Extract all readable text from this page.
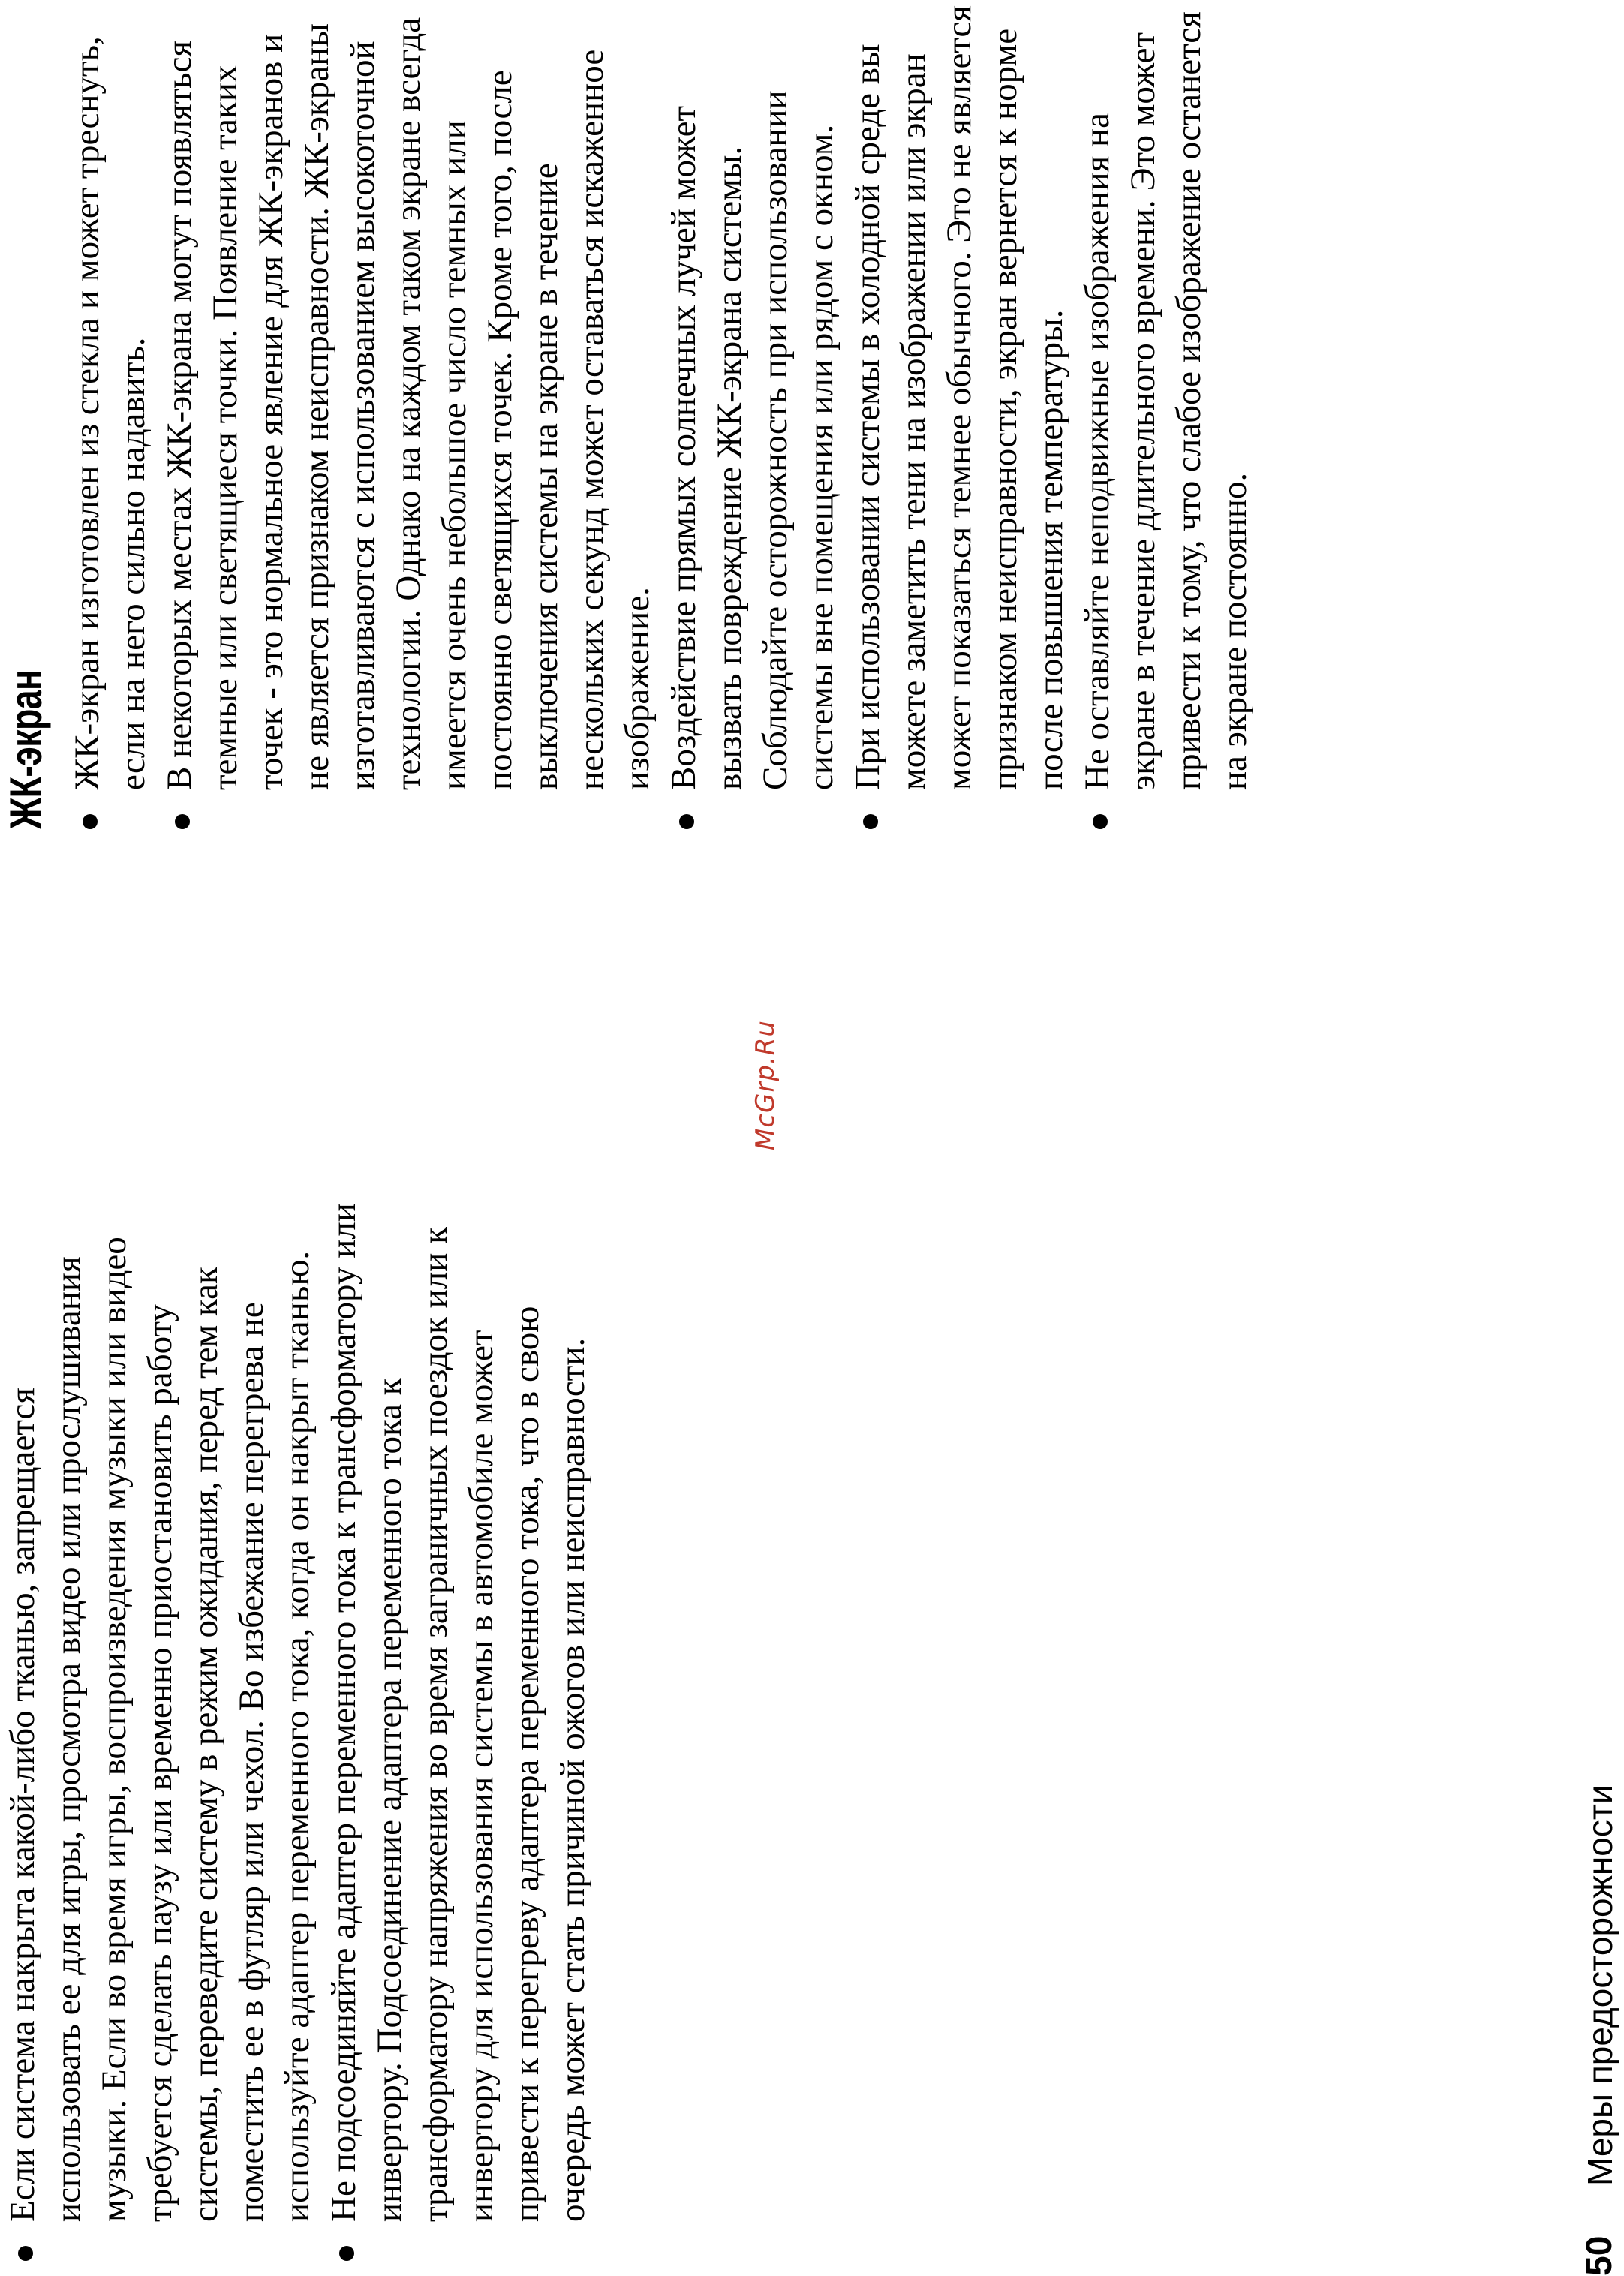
Если система накрыта какой-либо тканью, запрещается использовать ее для игры, просмотра видео или прослушивания музыки. Если во время игры, воспроизведения музыки или видео требуется сделать паузу или временно приостановить работу системы, переведите систему в режим ожидания, перед тем как поместить ее в футляр или чехол. Во избежание перегрева не используйте адаптер переменного тока, когда он накрыт тканью. Не подсоединяйте адаптер переменного тока к трансформатору или инвертору. Подсоединение адаптера переменного тока к трансформатору напряжения во время заграничных поездок или к инвертору для использования системы в автомобиле может привести к перегреву адаптера переменного тока, что в свою очередь может стать причиной ожогов или неисправности.
McGrp.Ru
ЖК-экран ЖК-экран изготовлен из стекла и может треснуть, если на него сильно надавить. В некоторых местах ЖК-экрана могут появляться темные или светящиеся точки. Появление таких точек - это нормальное явление для ЖК-экранов и не является признаком неисправности. ЖК-экраны изготавливаются с использованием высокоточной технологии. Однако на каждом таком экране всегда имеется очень небольшое число темных или постоянно светящихся точек. Кроме того, после выключения системы на экране в течение нескольких секунд может оставаться искаженное изображение. Воздействие прямых солнечных лучей может вызвать повреждение ЖК-экрана системы. Соблюдайте осторожность при использовании системы вне помещения или рядом с окном. При использовании системы в холодной среде вы можете заметить тени на изображении или экран может показаться темнее обычного. Это не является признаком неисправности, экран вернется к норме после повышения температуры. Не оставляйте неподвижные изображения на экране в течение длительного времени. Это может привести к тому, что слабое изображение останется на экране постоянно.
50
Меры предосторожности
